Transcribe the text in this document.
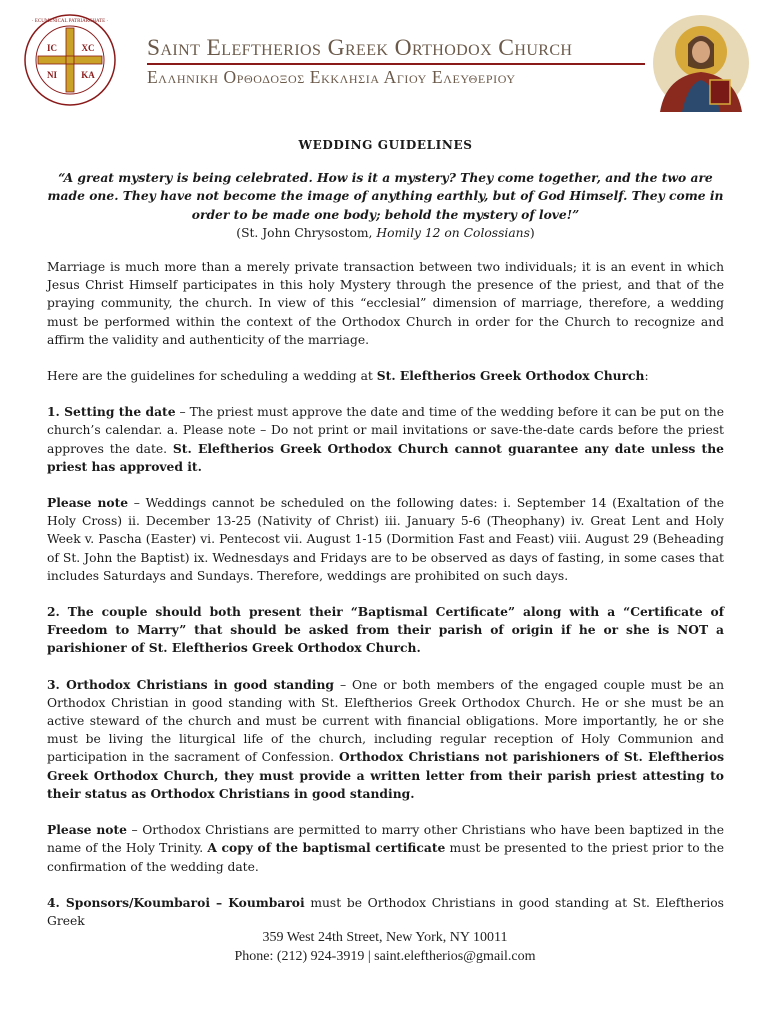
· ECUMENICAL PATRIARCHATE ·
IC	XC
NI	KA
Saint Eleftherios Greek Orthodox Church
Ελληνικη Ορθοδοξος Εκκλησια Αγιου Ελευθεριου
WEDDING GUIDELINES

“A great mystery is being celebrated. How is it a mystery? They come together, and the two are made one. They have not become the image of anything earthly, but of God Himself. They come in order to be made one body; behold the mystery of love!”

(St. John Chrysostom, Homily 12 on Colossians)

Marriage is much more than a merely private transaction between two individuals; it is an event in which Jesus Christ Himself participates in this holy Mystery through the presence of the priest, and that of the praying community, the church. In view of this “ecclesial” dimension of marriage, therefore, a wedding must be performed within the context of the Orthodox Church in order for the Church to recognize and affirm the validity and authenticity of the marriage.

Here are the guidelines for scheduling a wedding at St. Eleftherios Greek Orthodox Church:

1. Setting the date – The priest must approve the date and time of the wedding before it can be put on the church’s calendar. a. Please note – Do not print or mail invitations or save-the-date cards before the priest approves the date. St. Eleftherios Greek Orthodox Church cannot guarantee any date unless the priest has approved it.

Please note – Weddings cannot be scheduled on the following dates: i. September 14 (Exaltation of the Holy Cross) ii. December 13-25 (Nativity of Christ) iii. January 5-6 (Theophany) iv. Great Lent and Holy Week v. Pascha (Easter) vi. Pentecost vii. August 1-15 (Dormition Fast and Feast) viii. August 29 (Beheading of St. John the Baptist) ix. Wednesdays and Fridays are to be observed as days of fasting, in some cases that includes Saturdays and Sundays. Therefore, weddings are prohibited on such days.

2. The couple should both present their “Baptismal Certificate” along with a “Certificate of Freedom to Marry” that should be asked from their parish of origin if he or she is NOT a parishioner of St. Eleftherios Greek Orthodox Church.

3. Orthodox Christians in good standing – One or both members of the engaged couple must be an Orthodox Christian in good standing with St. Eleftherios Greek Orthodox Church. He or she must be an active steward of the church and must be current with financial obligations. More importantly, he or she must be living the liturgical life of the church, including regular reception of Holy Communion and participation in the sacrament of Confession. Orthodox Christians not parishioners of St. Eleftherios Greek Orthodox Church, they must provide a written letter from their parish priest attesting to their status as Orthodox Christians in good standing.

Please note – Orthodox Christians are permitted to marry other Christians who have been baptized in the name of the Holy Trinity. A copy of the baptismal certificate must be presented to the priest prior to the confirmation of the wedding date.

4. Sponsors/Koumbaroi – Koumbaroi must be Orthodox Christians in good standing at St. Eleftherios Greek

359 West 24th Street, New York, NY 10011
Phone: (212) 924-3919 | saint.eleftherios@gmail.com
